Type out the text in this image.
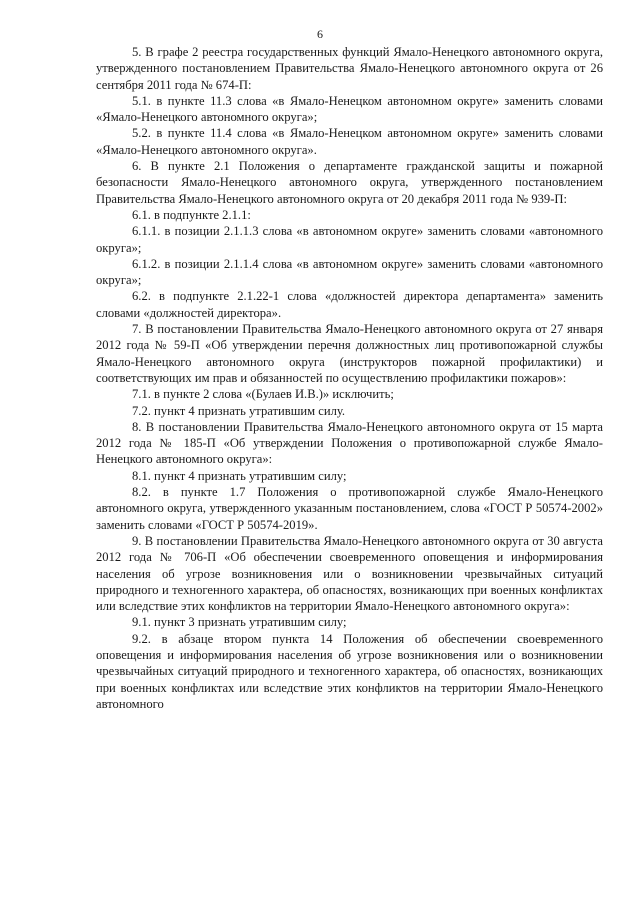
6

5. В графе 2 реестра государственных функций Ямало-Ненецкого автономного округа, утвержденного постановлением Правительства Ямало-Ненецкого автономного округа от 26 сентября 2011 года № 674-П:

5.1. в пункте 11.3 слова «в Ямало-Ненецком автономном округе» заменить словами «Ямало-Ненецкого автономного округа»;

5.2. в пункте 11.4 слова «в Ямало-Ненецком автономном округе» заменить словами «Ямало-Ненецкого автономного округа».

6. В пункте 2.1 Положения о департаменте гражданской защиты и пожарной безопасности Ямало-Ненецкого автономного округа, утвержденного постановлением Правительства Ямало-Ненецкого автономного округа от 20 декабря 2011 года № 939-П:

6.1. в подпункте 2.1.1:

6.1.1. в позиции 2.1.1.3 слова «в автономном округе» заменить словами «автономного округа»;

6.1.2. в позиции 2.1.1.4 слова «в автономном округе» заменить словами «автономного округа»;

6.2. в подпункте 2.1.22-1 слова «должностей директора департамента» заменить словами «должностей директора».

7. В постановлении Правительства Ямало-Ненецкого автономного округа от 27 января 2012 года № 59-П «Об утверждении перечня должностных лиц противопожарной службы Ямало-Ненецкого автономного округа (инструкторов пожарной профилактики) и соответствующих им прав и обязанностей по осуществлению профилактики пожаров»:

7.1. в пункте 2 слова «(Булаев И.В.)» исключить;

7.2. пункт 4 признать утратившим силу.

8. В постановлении Правительства Ямало-Ненецкого автономного округа от 15 марта 2012 года № 185-П «Об утверждении Положения о противопожарной службе Ямало-Ненецкого автономного округа»:

8.1. пункт 4 признать утратившим силу;

8.2. в пункте 1.7 Положения о противопожарной службе Ямало-Ненецкого автономного округа, утвержденного указанным постановлением, слова «ГОСТ Р 50574-2002» заменить словами «ГОСТ Р 50574-2019».

9. В постановлении Правительства Ямало-Ненецкого автономного округа от 30 августа 2012 года № 706-П «Об обеспечении своевременного оповещения и информирования населения об угрозе возникновения или о возникновении чрезвычайных ситуаций природного и техногенного характера, об опасностях, возникающих при военных конфликтах или вследствие этих конфликтов на территории Ямало-Ненецкого автономного округа»:

9.1. пункт 3 признать утратившим силу;

9.2. в абзаце втором пункта 14 Положения об обеспечении своевременного оповещения и информирования населения об угрозе возникновения или о возникновении чрезвычайных ситуаций природного и техногенного характера, об опасностях, возникающих при военных конфликтах или вследствие этих конфликтов на территории Ямало-Ненецкого автономного
